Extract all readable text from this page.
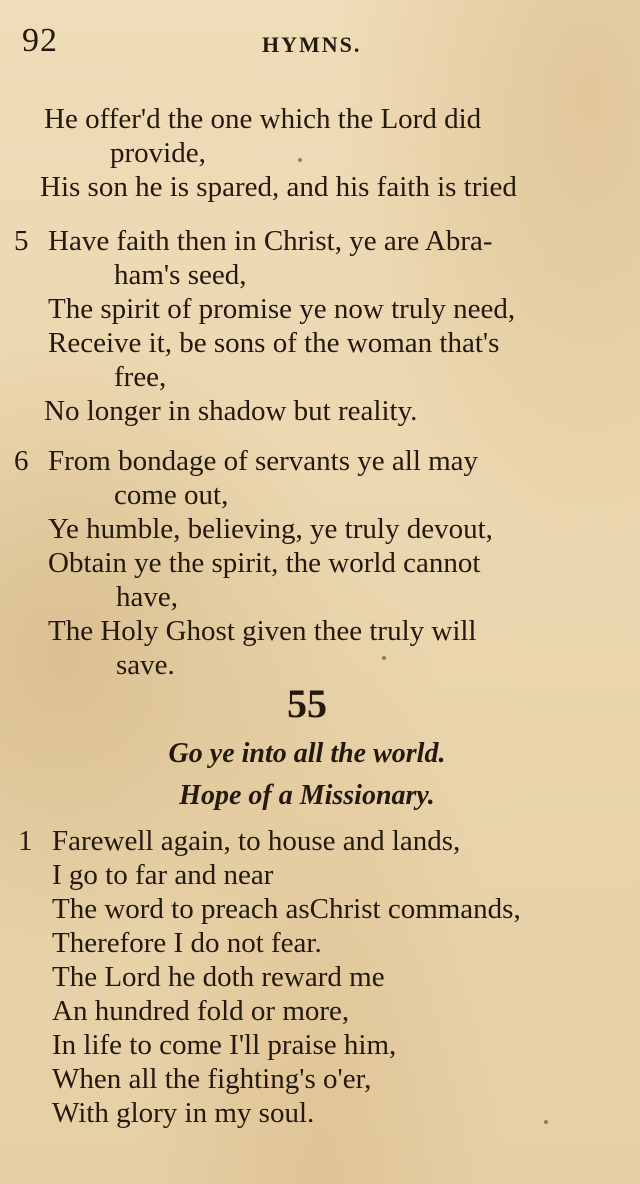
92	HYMNS.
He offer'd the one which the Lord did
provide,
His son he is spared, and his faith is tried
5 Have faith then in Christ, ye are Abra-
ham's seed,
The spirit of promise ye now truly need,
Receive it, be sons of the woman that's
free,
No longer in shadow but reality.
6 From bondage of servants ye all may
come out,
Ye humble, believing, ye truly devout,
Obtain ye the spirit, the world cannot
have,
The Holy Ghost given thee truly will
save.
55
Go ye into all the world.
Hope of a Missionary.
1 Farewell again, to house and lands,
I go to far and near
The word to preach asChrist commands,
Therefore I do not fear.
The Lord he doth reward me
An hundred fold or more,
In life to come I'll praise him,
When all the fighting's o'er,
With glory in my soul.
